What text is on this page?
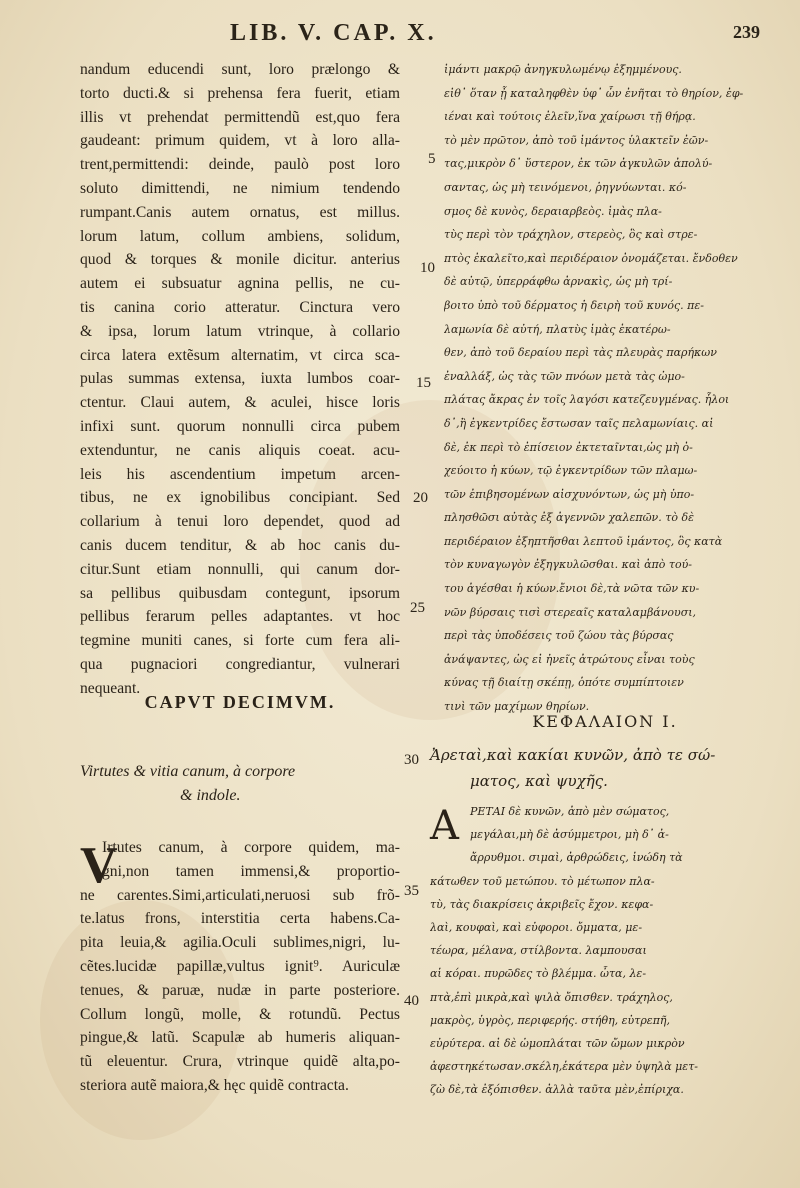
LIB. V. CAP. X.	239
nandum educendi sunt, loro prælongo &
torto ducti.& si prehensa fera fuerit, etiam
illis vt prehendat permittendũ est,quo fera
gaudeant: primum quidem, vt à loro alla-
trent,permittendi: deinde, paulò post loro
soluto dimittendi, ne nimium tendendo
rumpant.Canis autem ornatus, est millus.
lorum latum, collum ambiens, solidum,
quod & torques & monile dicitur. anterius
autem ei subsuatur agnina pellis, ne cu-
tis canina corio atteratur. Cinctura vero
& ipsa, lorum latum vtrinque, à collario
circa latera extẽsum alternatim, vt circa sca-
pulas summas extensa, iuxta lumbos coar-
ctentur. Claui autem, & aculei, hisce loris
infixi sunt. quorum nonnulli circa pubem
extenduntur, ne canis aliquis coeat. acu-
leis his ascendentium impetum arcen-
tibus, ne ex ignobilibus concipiant. Sed
collarium à tenui loro dependet, quod ad
canis ducem tenditur, & ab hoc canis du-
citur.Sunt etiam nonnulli, qui canum dor-
sa pellibus quibusdam contegunt, ipsorum
pellibus ferarum pelles adaptantes. vt hoc
tegmine muniti canes, si forte cum fera ali-
qua pugnaciori congrediantur, vulnerari
nequeant.
ἱμάντι μακρῷ ἀνηγκυλωμένῳ ἐξημμένους.
εἰθ᾽ ὅταν ᾖ καταληφθὲν ὑφ᾽ ὧν ἐνῆται τὸ θηρίον, ἐφ-
ιέναι καὶ τούτοις ἐλεῖν,ἵνα χαίρωσι τῇ θήρᾳ.
τὸ μὲν πρῶτον, ἀπὸ τοῦ ἱμάντος ὑλακτεῖν ἐῶν-
τας,μικρὸν δ᾽ ὕστερον, ἐκ τῶν ἀγκυλῶν ἀπολύ-
σαντας, ὡς μὴ τεινόμενοι, ῥηγνύωνται. κό-
σμος δὲ κυνὸς, δεραιαρβεὸς. ἱμὰς πλα-
τὺς περὶ τὸν τράχηλον, στερεὸς, ὃς καὶ στρε-
πτὸς ἐκαλεῖτο,καὶ περιδέραιον ὀνομάζεται. ἔνδοθεν
δὲ αὐτῷ, ὑπερράφθω ἀρνακὶς, ὡς μὴ τρί-
βοιτο ὑπὸ τοῦ δέρματος ἡ δειρὴ τοῦ κυνός. πε-
λαμωνία δὲ αὐτή, πλατὺς ἱμὰς ἑκατέρω-
θεν, ἀπὸ τοῦ δεραίου περὶ τὰς πλευρὰς παρήκων
ἐναλλάξ, ὡς τὰς τῶν πνόων μετὰ τὰς ὠμο-
πλάτας ἄκρας ἐν τοῖς λαγόσι κατεζευγμένας. ἧλοι
δ᾽,ἢ ἐγκεντρίδες ἔστωσαν ταῖς πελαμωνίαις. αἱ
δὲ, ἐκ περὶ τὸ ἐπίσειον ἐκτεταῖνται,ὡς μὴ ὀ-
χεύοιτο ἡ κύων, τῷ ἐγκεντρίδων τῶν πλαμω-
τῶν ἐπιβησομένων αἰσχυνόντων, ὡς μὴ ὑπο-
πλησθῶσι αὐτὰς ἐξ ἀγεννῶν χαλεπῶν. τὸ δὲ
περιδέραιον ἐξηπτῆσθαι λεπτοῦ ἱμάντος, ὃς κατὰ
τὸν κυναγωγὸν ἐξηγκυλῶσθαι. καὶ ἀπὸ τού-
του ἀγέσθαι ἡ κύων.ἔνιοι δὲ,τὰ νῶτα τῶν κυ-
νῶν βύρσαις τισὶ στερεαῖς καταλαμβάνουσι,
περὶ τὰς ὑποδέσεις τοῦ ζώου τὰς βύρσας
ἀνάψαντες, ὡς εἰ ἠνεῖς ἀτρώτους εἶναι τοὺς
κύνας τῇ διαίτῃ σκέπῃ, ὁπότε συμπίπτοιεν
τινὶ τῶν μαχίμων θηρίων.
CAPVT DECIMVM.
Virtutes & vitia canum, à corpore
& indole.
V
Irtutes canum, à corpore quidem, ma-
gni,non tamen immensi,& proportio-
ne carentes.Simi,articulati,neruosi sub frõ-
te.latus frons, interstitia certa habens.Ca-
pita leuia,& agilia.Oculi sublimes,nigri, lu-
cẽtes.lucidæ papillæ,vultus ignit⁹. Auriculæ
tenues, & paruæ, nudæ in parte posteriore.
Collum longũ, molle, & rotundũ. Pectus
pingue,& latũ. Scapulæ ab humeris aliquan-
tũ eleuentur. Crura, vtrinque quidẽ alta,po-
steriora autẽ maiora,& hęc quidẽ contracta.
ΚΕΦΑΛΑΙΟΝ Ι.
Ἀρεταὶ,καὶ κακίαι κυνῶν, ἀπὸ τε σώ-
ματος, καὶ ψυχῆς.
Α	ΡΕΤΑΙ δὲ κυνῶν, ἀπὸ μὲν σώματος,
μεγάλαι,μὴ δὲ ἀσύμμετροι, μὴ δ᾽ ἀ-
ἄρρυθμοι. σιμαὶ, ἀρθρώδεις, ἰνώδη τὰ
κάτωθεν τοῦ μετώπου. τὸ μέτωπον πλα-
τὺ, τὰς διακρίσεις ἀκριβεῖς ἔχον. κεφα-
λαὶ, κουφαὶ, καὶ εὐφοροι. ὄμματα, με-
τέωρα, μέλανα, στίλβοντα. λαμπουσαι
αἱ κόραι. πυρῶδες τὸ βλέμμα. ὦτα, λε-
πτὰ,ἐπὶ μικρὰ,καὶ ψιλὰ ὄπισθεν. τράχηλος,
μακρὸς, ὑγρὸς, περιφερής. στήθη, εὐτρεπῆ,
εὐρύτερα. αἱ δὲ ὠμοπλάται τῶν ὤμων μικρὸν
ἀφεστηκέτωσαν.σκέλη,ἑκάτερα μὲν ὑψηλὰ μετ-
ζὼ δὲ,τὰ ἐξόπισθεν. ἀλλὰ ταῦτα μὲν,ἐπίριχα.
5
10
15
20
25
30
35
40
